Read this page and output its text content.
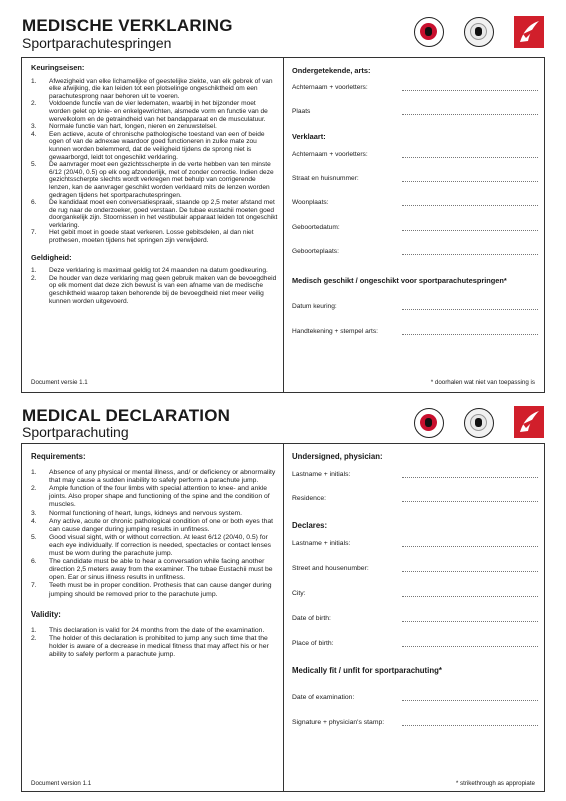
MEDISCHE VERKLARING
Sportparachutespringen
Keuringseisen:
1. Afwezigheid van elke lichamelijke of geestelijke ziekte, van elk gebrek of van elke afwijking, die kan leiden tot een plotselinge ongeschiktheid om een parachutesprong naar behoren uit te voeren.
2. Voldoende functie van de vier ledematen, waarbij in het bijzonder moet worden gelet op knie- en enkelgewrichten, alsmede vorm en functie van de wervelkolom en de getraindheid van het bandapparaat en de musculatuur.
3. Normale functie van hart, longen, nieren en zenuwstelsel.
4. Een actieve, acute of chronische pathologische toestand van een of beide ogen of van de adnexae waardoor goed functioneren in zulke mate zou kunnen worden belemmerd, dat de veiligheid tijdens de sprong niet is gewaarborgd, leidt tot ongeschikt verklaring.
5. De aanvrager moet een gezichtsscherpte in de verte hebben van ten minste 6/12 (20/40, 0.5) op elk oog afzonderlijk, met of zonder correctie. Indien deze gezichtsscherpte slechts wordt verkregen met behulp van corrigerende lenzen, kan de aanvrager geschikt worden verklaard mits de lenzen worden gedragen tijdens het sportparachutespringen.
6. De kandidaat moet een conversatiespraak, staande op 2,5 meter afstand met de rug naar de onderzoeker, goed verstaan. De tubae eustachii moeten goed doorgankelijk zijn. Stoornissen in het vestibulair apparaat leiden tot ongeschikt verklaring.
7. Het gebit moet in goede staat verkeren. Losse gebitsdelen, al dan niet prothesen, moeten tijdens het springen zijn verwijderd.
Geldigheid:
1. Deze verklaring is maximaal geldig tot 24 maanden na datum goedkeuring.
2. De houder van deze verklaring mag geen gebruik maken van de bevoegdheid op elk moment dat deze zich bewust is van een afname van de medische geschiktheid waarop taken behorende bij de bevoegdheid niet meer veilig kunnen worden uitgevoerd.
Document versie 1.1
Ondergetekende, arts:
Achternaam + voorletters:
Plaats
Verklaart:
Achternaam + voorletters:
Straat en huisnummer:
Woonplaats:
Geboortedatum:
Geboorteplaats:
Medisch geschikt / ongeschikt voor sportparachutespringen*
Datum keuring:
Handtekening + stempel arts:
* doorhalen wat niet van toepassing is
MEDICAL DECLARATION
Sportparachuting
Requirements:
1. Absence of any physical or mental illness, and/ or deficiency or abnormality that may cause a sudden inability to safely perform a parachute jump.
2. Ample function of the four limbs with special attention to knee- and ankle joints. Also proper shape and functioning of the spine and the condition of muscles.
3. Normal functioning of heart, lungs, kidneys and nervous system.
4. Any active, acute or chronic pathological condition of one or both eyes that can cause danger during jumping results in unfitness.
5. Good visual sight, with or without correction. At least 6/12 (20/40, 0.5) for each eye individually. If correction is needed, spectacles or contact lenses must be worn during the parachute jump.
6. The candidate must be able to hear a conversation while facing another direction 2,5 meters away from the examiner. The tubae Eustachii must be open. Ear or sinus illness results in unfitness.
7. Teeth must be in proper condition. Prothesis that can cause danger during jumping should be removed prior to the parachute jump.
Validity:
1. This declaration is valid for 24 months from the date of the examination.
2. The holder of this declaration is prohibited to jump any such time that the holder is aware of a decrease in medical fitness that may affect his or her ability to safely perform a parachute jump.
Document version 1.1
Undersigned, physician:
Lastname + initials:
Residence:
Declares:
Lastname + initials:
Street and housenumber:
City:
Date of birth:
Place of birth:
Medically fit / unfit for sportparachuting*
Date of examination:
Signature + physician's stamp:
* strikethrough as appropiate
